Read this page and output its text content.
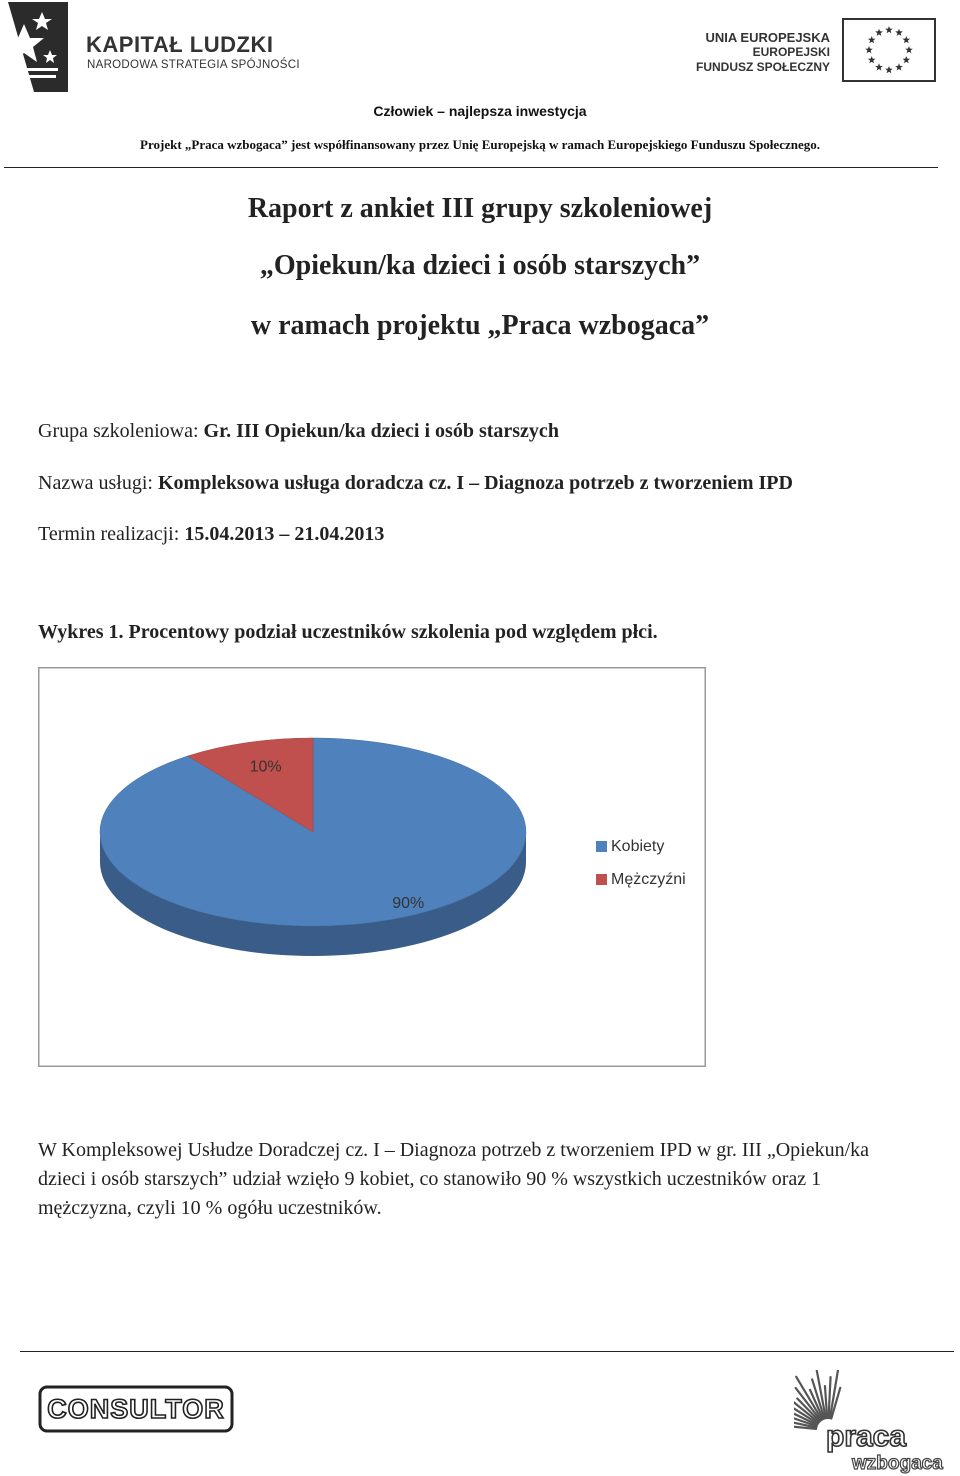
KAPITAŁ LUDZKI
NARODOWA STRATEGIA SPÓJNOŚCI
UNIA EUROPEJSKA
EUROPEJSKI
FUNDUSZ SPOŁECZNY
Człowiek – najlepsza inwestycja
Projekt „Praca wzbogaca” jest współfinansowany przez Unię Europejską w ramach Europejskiego Funduszu Społecznego.
Raport z ankiet III grupy szkoleniowej
„Opiekun/ka dzieci i osób starszych”
w ramach projektu „Praca wzbogaca”
Grupa szkoleniowa: Gr. III Opiekun/ka dzieci i osób starszych
Nazwa usługi: Kompleksowa usługa doradcza cz. I – Diagnoza potrzeb z tworzeniem IPD
Termin realizacji: 15.04.2013 – 21.04.2013
Wykres 1. Procentowy podział uczestników szkolenia pod względem płci.
90%
10%
Kobiety
Mężczyźni
W Kompleksowej Usłudze Doradczej cz. I – Diagnoza potrzeb z tworzeniem IPD w gr. III „Opiekun/ka dzieci i osób starszych” udział wzięło 9 kobiet, co stanowiło 90 % wszystkich uczestników oraz 1 mężczyzna, czyli 10 % ogółu uczestników.
CONSULTOR
praca
wzbogaca
